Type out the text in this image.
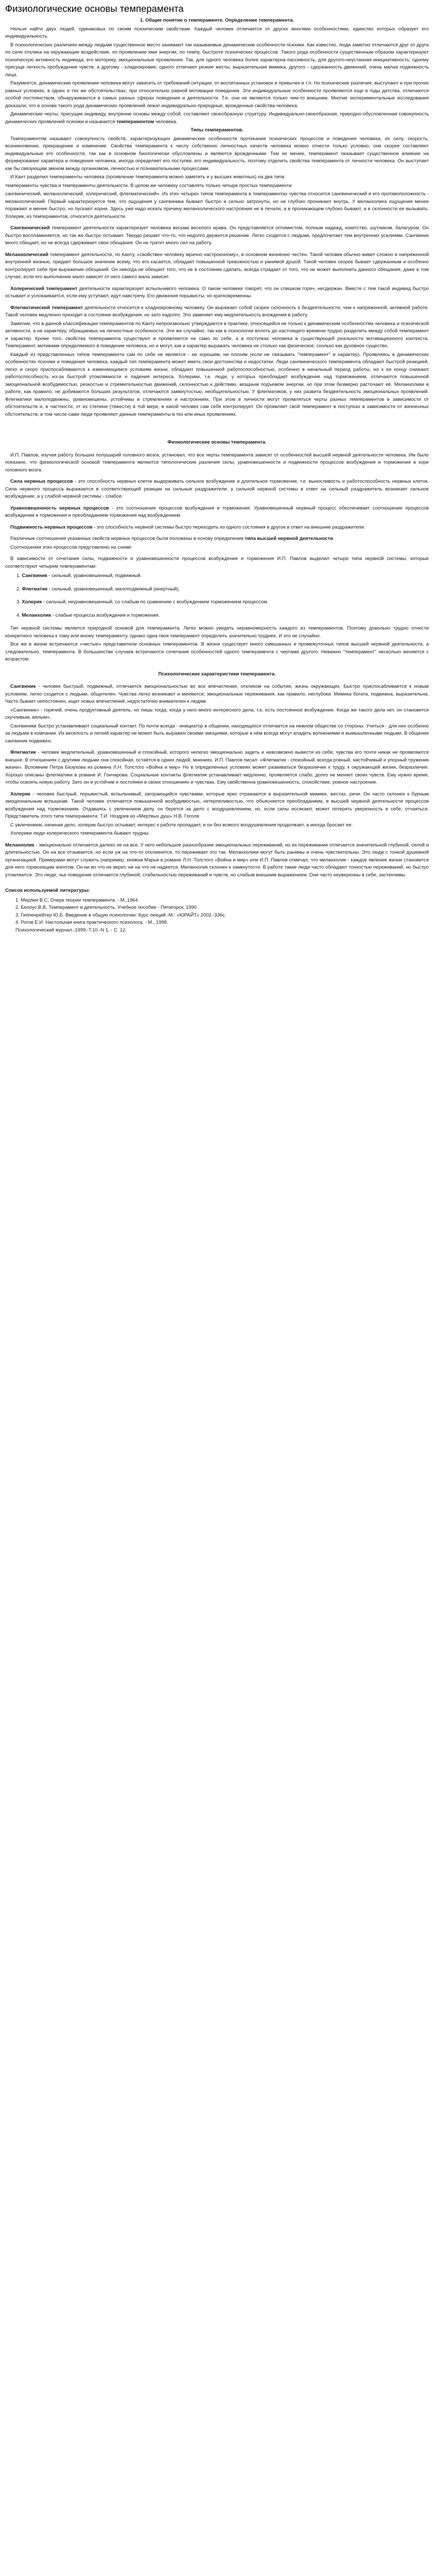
Физиологические основы темперамента
1. Общие понятие о темпераменте. Определение темперамента.

Нельзя найти двух людей, одинаковых по своим психическим свойствам. Каждый человек отличается от других многими особенностями, единство которых образует его индивидуальность.

В психологических различиях между людьми существенное место занимают так называемые динамические особенности психики. Как известно, люди заметно отличаются друг от друга по силе отклика на окружающие воздействия, по проявлению ими энергии, по темпу, быстроте психических процессов. Такого рода особенности существенным образом характеризуют психическую активность индивида, его моторику, эмоциональные проявления. Так, для одного человека более характерна пассивность, для другого-неустанная инициативность; одному присуще легкость пробуждения чувств, а другому - хладнокровие; одного отличают резкие жесты, выразительная мимика, другого - сдержанность движений, очень малая подвижность лица.

Разумеется, динамические проявления человека могут зависеть от требований ситуации, от воспитанных установок и привычек и т.п. Но психические различия, выступают и при прочих равных условиях, в одних и тех же обстоятельствах, при относительно равной мотивации поведения. Эти индивидуальные особенности проявляются еще в годы детства, отличаются особой постоянством, обнаруживаются в самых разных сферах поведения и деятельности. Т.е. они не являются только чем-то внешним. Многие экспериментальные исследования доказали, что в основе такого рода динамических проявлений лежат индивидуально-природные, врожденные свойства человека.

Динамические черты, присущие индивиду, внутренне основы между собой, составляют своеобразную структуру. Индивидуально-своеобразная, природно-обусловленная совокупность динамических проявлений психики и называется темпераментом человека.

Типы темпераментов.

Темпераментом называют совокупность свойств, характеризующих динамические особенности протекания психических процессов и поведения человека, их силу, скорость, возникновение, прекращение и изменение. Свойства темперамента к числу собственно личностных качеств человека можно отнести только условно, они скорее составляют индивидуальные его особенности, так как в основном биологически обусловлены и являются врожденными. Тем не менее, темперамент оказывает существенное влияние на формирование характера и поведения человека, иногда определяет его поступки, его индивидуальность, поэтому отделить свойства темперамента от личности человека. Он выступает как бы связующим звеном между организмом, личностью и познавательными процессами.

И.Кант разделил темпераменты человека (проявление темперамента можно заметить и у высших животных) на два типа:

темпераменты чувства и темпераменты деятельности. В целом же человеку составлять только четыре простых темперамента:

сангвинический, меланхолический, холерический, флегматический». Из этих четырех типов темперамента в темпераментах чувства относится сангвинический и его противоположность - меланхолический. Первый характеризуется тем, что ощущения у сангвиника бывают быстро и сильно затронуты, но не глубоко проникают внутрь. У меланхолика ощущения менее поражают и менее быстро, но пускают корни. Здесь уже надо искать причину меланхолического настроения не в печали, а в проникающем глубоко бывают, а в склонности ее вызывать. Холерик, из темпераментов, относится деятельности.

Сангвинический темперамент деятельности характеризует человека весьма веселого нрава. Он представляется оптимистом, полным надежд, кокетство, шутником, балагуром. Он быстро воспламеняется, но так же быстро остывает. Твердо решает что-то, что недолго держится решение. Легко сходится с людьми, предпочитает тем внутренних усилиями. Сангвиник много обещает, но не всегда сдерживает свои обещания. Он не тратит много сил на работу.

Меланхолический темперамент деятельности, по Канту, «свойствен человеку мрачно настроенному», в основном жизненно честен. Такой человек обычно живет сложно и напряженной внутренней жизнью, придает большое значение всему, что его касается, обладает повышенной тревожностью и ранимой душой. Такой человек скорее бывает сдержанным и особенно контролирует себя при выражении обещаний. Он никогда не обещает того, что не в состоянии сделать, всегда страдает от того, что не может выполнить данного обещания, даже в том случае, если его выполнение мало-зависит от него самого мала зависит.

Холерический темперамент деятельности характеризует вспыльчивого человека. О таком человеке говорят, что он слишком горяч, несдержан. Вместе с тем такой индивид быстро остывает и успокаивается, если ему уступают, идут навстречу. Его движения порывисты, но кратковременны.

Флегматический темперамент деятельности относится к хладнокровному человеку. Он выражает собой скорее склонность к бездеятельности, чем к напряженной, активной работе. Такой человек медленно приходит в состояние возбуждения, но зато надолго. Это заменяет ему медлительность вхождения в работу.

Заметим, что в данной классификации темпераментов по Канту непроизвольно утверждается в практике, относящейся не только к динамическим особенностям человека и психической активности, а не характеру, обращаемых на личностные особенности. Эти же случайно, так как в психологии вплоть до настоящего времени трудно разделить между собой темперамент и характер. Кроме того, свойства темперамента существуют и проявляются не само по себе, а в поступках человека в существующей реальности мотивационного контекста. Темперамент, мотивами определяемого в поведении человека, но и могут, как и характер выражать человека не столько как физическое, сколько как духовное существо.

Каждый из представленных типов темперамента сам по себе не является - ни хорошим, ни плохим (если не связывать "темперамент" и характер). Проявляясь в динамических особенностях психики и поведения человека, каждый тип темперамента может иметь свои достоинства и недостатки. Люди сангвинического темперамента обладают быстрой реакцией, легко и скоро приспосабливаются к изменяющимся условиям жизни, обладают повышенной работоспособностью, особенно в начальный период работы, но к ее концу снижают работоспособность из-за быстрой утомляемости и падения интереса. Холерики, т.е. люди, у которых преобладает возбуждение над торможением, отличаются повышенной эмоциональной возбудимостью, резкостью и стремительностью движений, склонностью к действию, мощным подъемом энергии, но при этом безмерно расточают её. Меланхолики в работе, как правило, не добиваются больших результатов, отличаются замкнутостью, необщительностью. У флегматиков, у них развита бездеятельность эмоциональных проявлений. Флегматики малоподвижны, уравновешены, устойчивы в стремлениях и настроениях. При этом в личности могут проявляться черты разных темпераментов в зависимости от обстоятельств и, в частности, от их степени (тяжести) в той мере, в какой человек сам себя контролирует. Он проявляет свой темперамент в поступках в зависимости от жизненных обстоятельств, в том числе сами люди проявляют данные темпераменты в тех или иных проявлениях.

Физиологические основы темперамента.

И.П. Павлов, изучая работу больших полушарий головного мозга, установил, что все черты темперамента зависят от особенностей высшей нервной деятельности человека. Им было показано, что физиологической основой темперамента являются типологические различия силы, уравновешенности и подвижности процессов возбуждения и торможения в коре головного мозга.

Сила нервных процессов - это способность нервных клеток выдерживать сильное возбуждение и длительное торможение, т.е. выносливость и работоспособность нервных клеток. Сила нервного процесса выражается в соответствующей реакции на сильные раздражители: у сильной нервной системы в ответ на сильный раздражитель возникает сильное возбуждение, а у слабой нервной системы - слабое.

Уравновешенность нервных процессов - это соотношение процессов возбуждения и торможения. Уравновешенный нервный процесс обеспечивает соотношение процессов возбуждения и торможения и преобладанием торможения над возбуждением.

Подвижность нервных процессов - это способность нервной системы быстро переходить из одного состояния в другое в ответ на внешние раздражители.

Различные соотношения указанных свойств нервных процессов были положены в основу определения типа высшей нервной деятельности.

Соотношения этих процессов представлено на схеме:

В зависимости от сочетания силы, подвижности и уравновешенности процессов возбуждения и торможения И.П. Павлов выделил четыре типа нервной системы, которые соответствуют четырем темпераментам:

1. Сангвиник - сильный, уравновешенный, подвижный.
2. Флегматик - сильный, уравновешенный, малоподвижный (инертный).
3. Холерик - сильный, неуравновешенный, со слабым по сравнению с возбуждением торможением процессом.
4. Меланхолик - слабые процессы возбуждения и торможения.

Тип нервной системы является природной основой для темперамента. Легко можно увидеть неравномерность каждого из темпераментов. Поэтому довольно трудно отнести конкретного человека к тому или иному темпераменту, однако одна твоя темперамент определить значительно труднее. И это не случайно.

Все же в жизни встречаются «чистые» представители основных темпераментов. В жизни существует много смешанных и промежуточных типов высшей нервной деятельности, а следовательно, темперамента. В большинстве случаев встречаются сочетания особенностей одного темперамента с чертами другого. Неважно "темперамент" несколько меняется с возрастом.

Психологические характеристики темперамента.

Сангвиник - человек быстрый, подвижный, отличается эмоциональностью во все впечатления, откликом на события, жизнь окружающих. Быстро приспосабливается к новым условиям, легко сходится с людьми, общителен. Чувства легко возникают и меняются, эмоциональные переживания, как правило, неглубоки. Мимика богата, подвижна, выразительна. Часто бывает непостоянен, ищет новых впечатлений, недостаточно внимателен к людям.

«Сангвиник» - горячий, очень продуктивный деятель, но лишь тогда, когда у него много интересного дела, т.е. есть постоянное возбуждение. Когда же такого дела нет, он становится скучливым, вялым».

Сангвиники быстро устанавливают социальный контакт. По почти всегда - инициатор в общении, находящихся отличается на нежном обществе со стороны. Учиться - для них особенно за людьми в компании. Их веселость и легкий характер не может быть выражен своими эмоциями, которые в нём всегда могут владеть волнениями и вымышленными людьми. В общении сангвиник подвижен.

Флегматик - человек медлительный, уравновешенный и спокойный, которого нелегко эмоционально задеть и невозможно вывести из себя; чувства его почти никак не проявляются внешне. В отношениях с другими людьми она спокойная, остаётся в одних людей, мнениях. И.П. Павлов писал: «Флегматик - спокойный, всегда ровный, настойчивый и упорный труженик жизни». Вспомним Петра Безухова из романа Л.Н. Толстого «Война и мир» Но в определенных условиях может развиваться безразличие к труду, к окружающей жизни, безразличие. Хорошо описаны флегматики в романе И. Гончарова. Социальные контакты флегматик устанавливает медленно, проявляется слабо, долго не меняет своих чувств. Ему нужно время, чтобы освоить новую работу. Зато он и устойчив и постоянен в своих отношениях и чувствах. Ему свойственна уравновешенность, спокойствие, ровное настроение.

Холерик - человек быстрый, порывистый, вспыльчивый, загорающийся чувствами, которые ярко отражаются в выразительной мимике, жестах, речи. Он часто склонен к бурным эмоциональным вспышкам. Такой человек отличается повышенной возбудимостью, нетерпеливостью, что объясняется преобладанием, в высшей нервной деятельности процессов возбуждения над торможением. Отдаваясь с увлечением делу, он берется за дело с воодушевлением, но, если силы иссякают, может потерять уверенность в себе, отчаяться. Представитель этого типа темперамента: Т.И. Ноздрев из «Мертвых душ» Н.В. Гоголя.

С увлечением, начиная дело, холерик быстро остывает, интерес к работе пропадает, и он без всякого воодушевления продолжает, а иногда бросает ее.

Холерики люди холерического темперамента бывают трудны.

Меланхолик - эмоционально отличается далеко не на все. У него небольшое разнообразие эмоциональных переживаний, но их переживание отличается значительной глубиной, силой и длительностью. Он на все отзывается, но если уж на что-то откликнется, то переживает это так. Меланхолики могут быть ранимы и очень чувствительны. Это люди с тонкой душевной организацией. Примерами могут служить (например, княжна Марья в романе Л.Н. Толстого «Война и мир» или И.П. Павлов отмечал, что меланхолик - каждое явление жизни становится для него тормозящим агентом. Он ни во что не верит, ни на что не надеется. Меланхолик склонен к замкнутости. В работе такие люди часто обладают тонкостью переживаний, но быстро утомляются. Это люди, чье поведение отличается глубиной, стабильностью переживаний и чувств, но слабым внешним выражением. Они часто неуверенны в себе, застенчивы.

Список используемой литературы:
1. Мерлин В.С. Очерк теории темперамента. - М.,1964.
2. Белоус В.В. Темперамент и деятельность. Учебное пособие - Пятигорск, 1990
3. Гиппенрейтер Ю.Б. Введение в общую психологию: Курс лекций.-М.: «ЮРАЙТ» 2002.-336с.
4. Рогов Е.И. Настольная книга практического психолога. - М., 1998.
Психологический журнал.-1999.-Т.10.-N 1. - С. 12.
